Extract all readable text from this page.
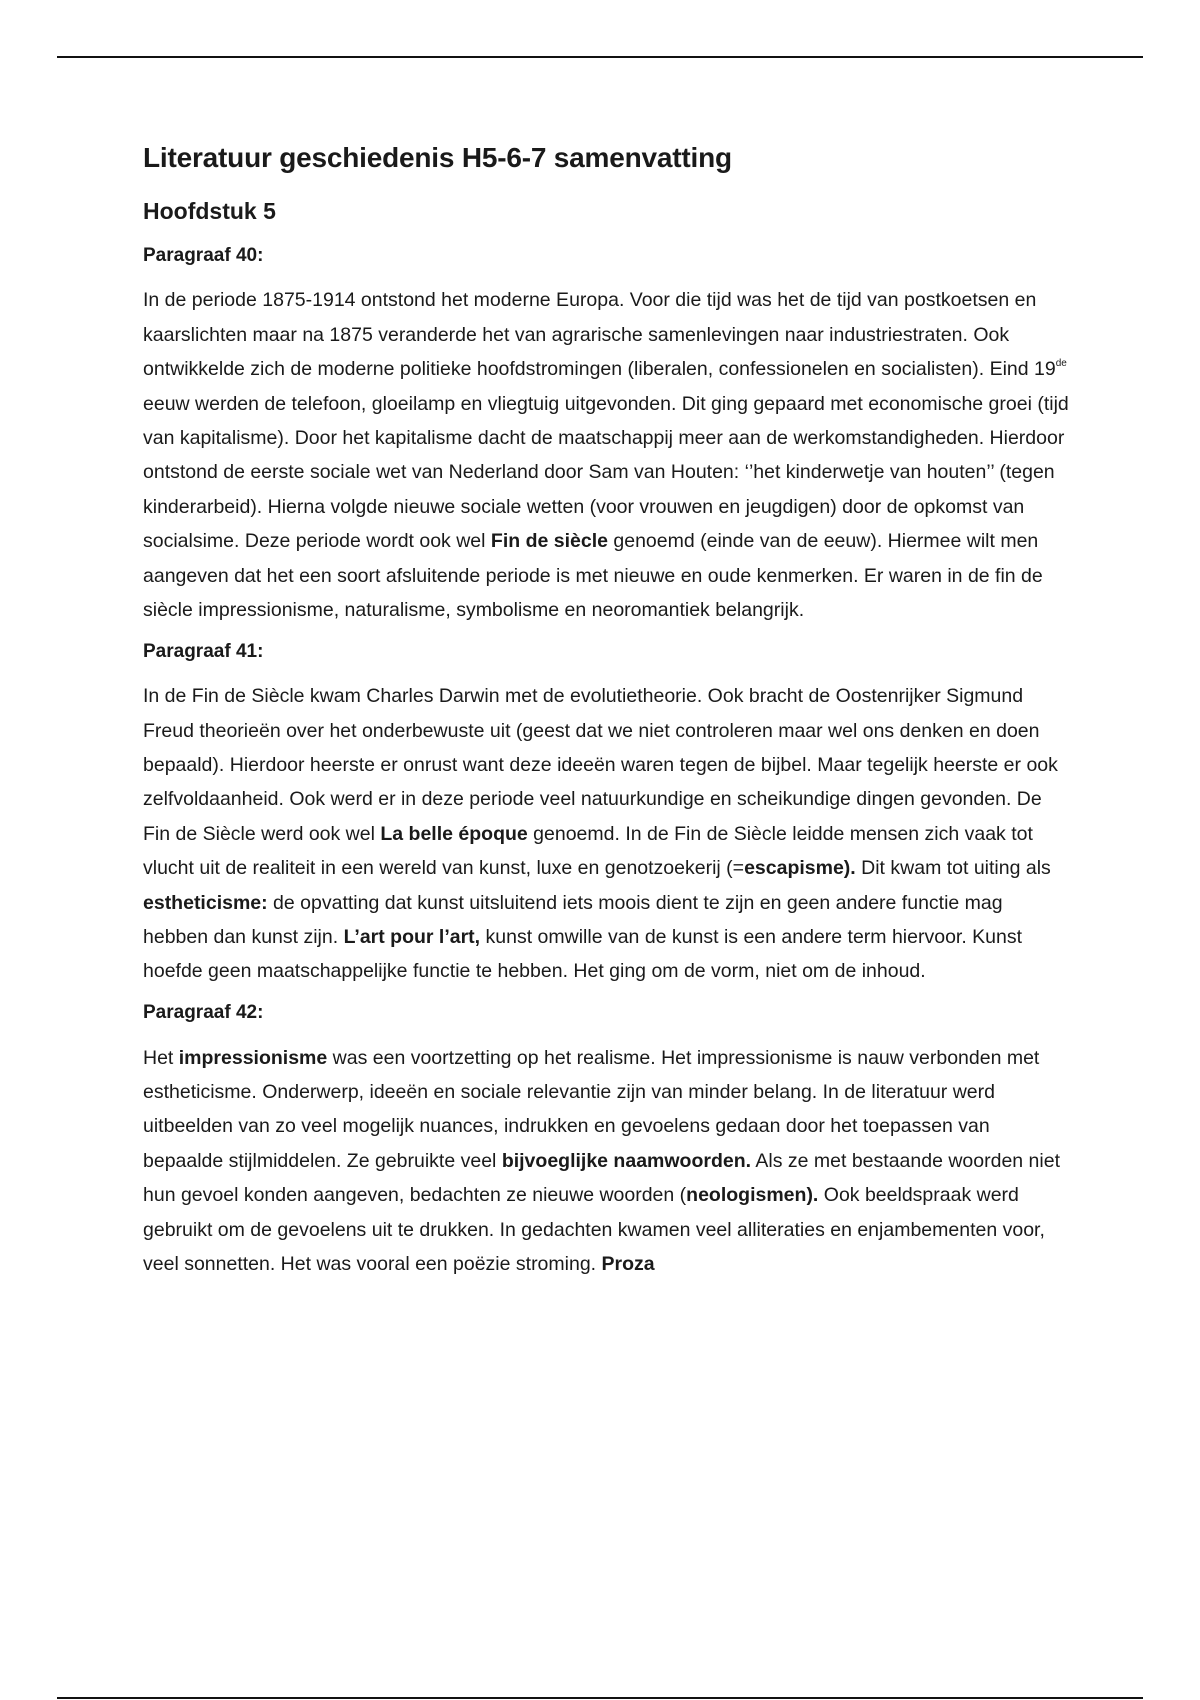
Literatuur geschiedenis H5-6-7 samenvatting
Hoofdstuk 5
Paragraaf 40:

In de periode 1875-1914 ontstond het moderne Europa. Voor die tijd was het de tijd van postkoetsen en kaarslichten maar na 1875 veranderde het van agrarische samenlevingen naar industriestraten. Ook ontwikkelde zich de moderne politieke hoofdstromingen (liberalen, confessionelen en socialisten). Eind 19de eeuw werden de telefoon, gloeilamp en vliegtuig uitgevonden. Dit ging gepaard met economische groei (tijd van kapitalisme). Door het kapitalisme dacht de maatschappij meer aan de werkomstandigheden. Hierdoor ontstond de eerste sociale wet van Nederland door Sam van Houten: ‘’het kinderwetje van houten’’ (tegen kinderarbeid). Hierna volgde nieuwe sociale wetten (voor vrouwen en jeugdigen) door de opkomst van socialsime. Deze periode wordt ook wel Fin de siècle genoemd (einde van de eeuw). Hiermee wilt men aangeven dat het een soort afsluitende periode is met nieuwe en oude kenmerken. Er waren in de fin de siècle impressionisme, naturalisme, symbolisme en neoromantiek belangrijk.

Paragraaf 41:

In de Fin de Siècle kwam Charles Darwin met de evolutietheorie. Ook bracht de Oostenrijker Sigmund Freud theorieën over het onderbewuste uit (geest dat we niet controleren maar wel ons denken en doen bepaald). Hierdoor heerste er onrust want deze ideeën waren tegen de bijbel. Maar tegelijk heerste er ook zelfvoldaanheid. Ook werd er in deze periode veel natuurkundige en scheikundige dingen gevonden. De Fin de Siècle werd ook wel La belle époque genoemd. In de Fin de Siècle leidde mensen zich vaak tot vlucht uit de realiteit in een wereld van kunst, luxe en genotzoekerij (=escapisme). Dit kwam tot uiting als estheticisme: de opvatting dat kunst uitsluitend iets moois dient te zijn en geen andere functie mag hebben dan kunst zijn. L’art pour l’art, kunst omwille van de kunst is een andere term hiervoor. Kunst hoefde geen maatschappelijke functie te hebben. Het ging om de vorm, niet om de inhoud.

Paragraaf 42:

Het impressionisme was een voortzetting op het realisme. Het impressionisme is nauw verbonden met estheticisme. Onderwerp, ideeën en sociale relevantie zijn van minder belang. In de literatuur werd uitbeelden van zo veel mogelijk nuances, indrukken en gevoelens gedaan door het toepassen van bepaalde stijlmiddelen. Ze gebruikte veel bijvoeglijke naamwoorden. Als ze met bestaande woorden niet hun gevoel konden aangeven, bedachten ze nieuwe woorden (neologismen). Ook beeldspraak werd gebruikt om de gevoelens uit te drukken. In gedachten kwamen veel alliteraties en enjambementen voor, veel sonnetten. Het was vooral een poëzie stroming. Proza
